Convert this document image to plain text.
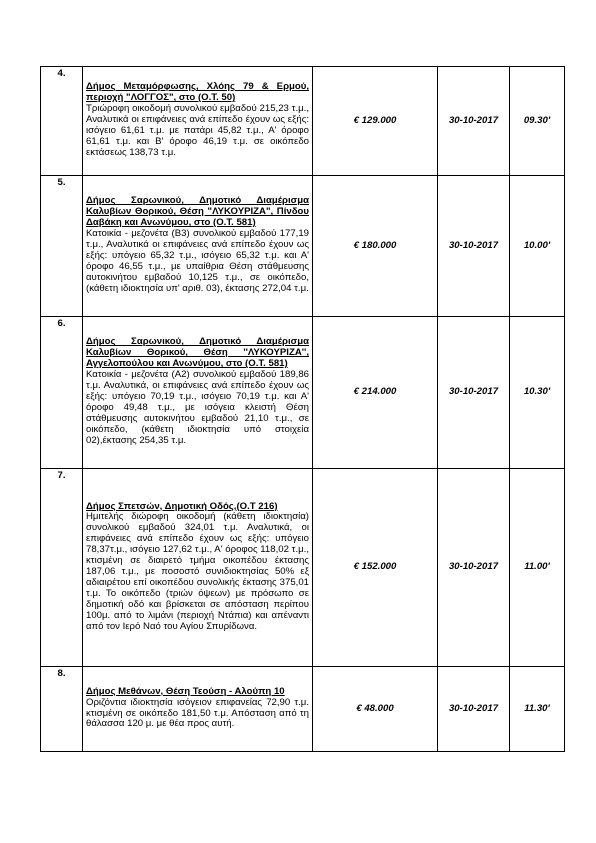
4.	Δήμος Μεταμόρφωσης, Χλόης 79 & Ερμού, περιοχή "ΛΟΓΓΟΣ", στο (Ο.Τ. 50)
Τριώροφη οικοδομή συνολικού εμβαδού 215,23 τ.μ., Αναλυτικά οι επιφάνειες ανά επίπεδο έχουν ως εξής: ισόγειο 61,61 τ.μ. με πατάρι 45,82 τ.μ., Α' όροφο 61,61 τ.μ. και Β' όροφο 46,19 τ.μ. σε οικόπεδο εκτάσεως 138,73 τ.μ.	€ 129.000	30-10-2017	09.30'
5.	Δήμος Σαρωνικού, Δημοτικό Διαμέρισμα Καλυβίων Θορικού, Θέση "ΛΥΚΟΥΡΙΖΑ", Πίνδου Δαβάκη και Ανωνύμου, στο (Ο.Τ. 581)
Κατοικία - μεζονέτα (Β3) συνολικού εμβαδού 177,19 τ.μ., Αναλυτικά οι επιφάνειες ανά επίπεδο έχουν ως εξής: υπόγειο 65,32 τ.μ., ισόγειο 65,32 τ.μ. και Α' όροφο 46,55 τ.μ., με υπαίθρια Θέση στάθμευσης αυτοκινήτου εμβαδού 10,125 τ.μ., σε οικόπεδο, (κάθετη ιδιοκτησία υπ' αριθ. 03), έκτασης 272,04 τ.μ.	€ 180.000	30-10-2017	10.00'
6.	Δήμος Σαρωνικού, Δημοτικό Διαμέρισμα Καλυβίων Θορικού, Θέση ''ΛΥΚΟΥΡΙΖΑ'', Αγγελοπούλου και Ανωνύμου, στο (Ο.Τ. 581)
Κατοικία - μεζονέτα (Α2) συνολικού εμβαδού 189,86 τ.μ. Αναλυτικά, οι επιφάνειες ανά επίπεδο έχουν ως εξής: υπόγειο 70,19 τ.μ., ισόγειο 70,19 τ.μ. και Α' όροφο 49,48 τ.μ., με ισόγεια κλειστή Θέση στάθμευσης αυτοκινήτου εμβαδού 21,10 τ.μ., σε οικόπεδο, (κάθετη ιδιοκτησία υπό στοιχεία 02),έκτασης 254,35 τ.μ.	€ 214.000	30-10-2017	10.30'
7.	Δήμος Σπετσών, Δημοτική Οδός,(Ο.Τ 216)
Ημιτελής διώροφη οικοδομή (κάθετη ιδιοκτησία) συνολικού εμβαδού 324,01 τ.μ. Αναλυτικά, οι επιφάνειες ανά επίπεδο έχουν ως εξής: υπόγειο 78,37τ.μ., ισόγειο 127,62 τ.μ., Α' όροφος 118,02 τ.μ., κτισμένη σε διαιρετό τμήμα οικοπέδου έκτασης 187,06 τ.μ., με ποσοστό συνιδιοκτησίας 50% εξ αδιαιρέτου επί οικοπέδου συνολικής έκτασης 375,01 τ.μ. Το οικόπεδο (τριών όψεων) με πρόσωπο σε δημοτική οδό και βρίσκεται σε απόσταση περίπου 100μ. από το λιμάνι (περιοχή Ντάπια) και απέναντι από τον Ιερό Ναό του Αγίου Σπυρίδωνα.	€ 152.000	30-10-2017	11.00'
8.	Δήμος Μεθάνων, Θέση Τεούση - Αλούπη 10
Οριζόντια ιδιοκτησία ισόγειον επιφανείας 72,90 τ.μ. κτισμένη σε οικόπεδο 181,50 τ.μ. Απόσταση από τη θάλασσα 120 μ. με θέα προς αυτή.	€ 48.000	30-10-2017	11.30'
